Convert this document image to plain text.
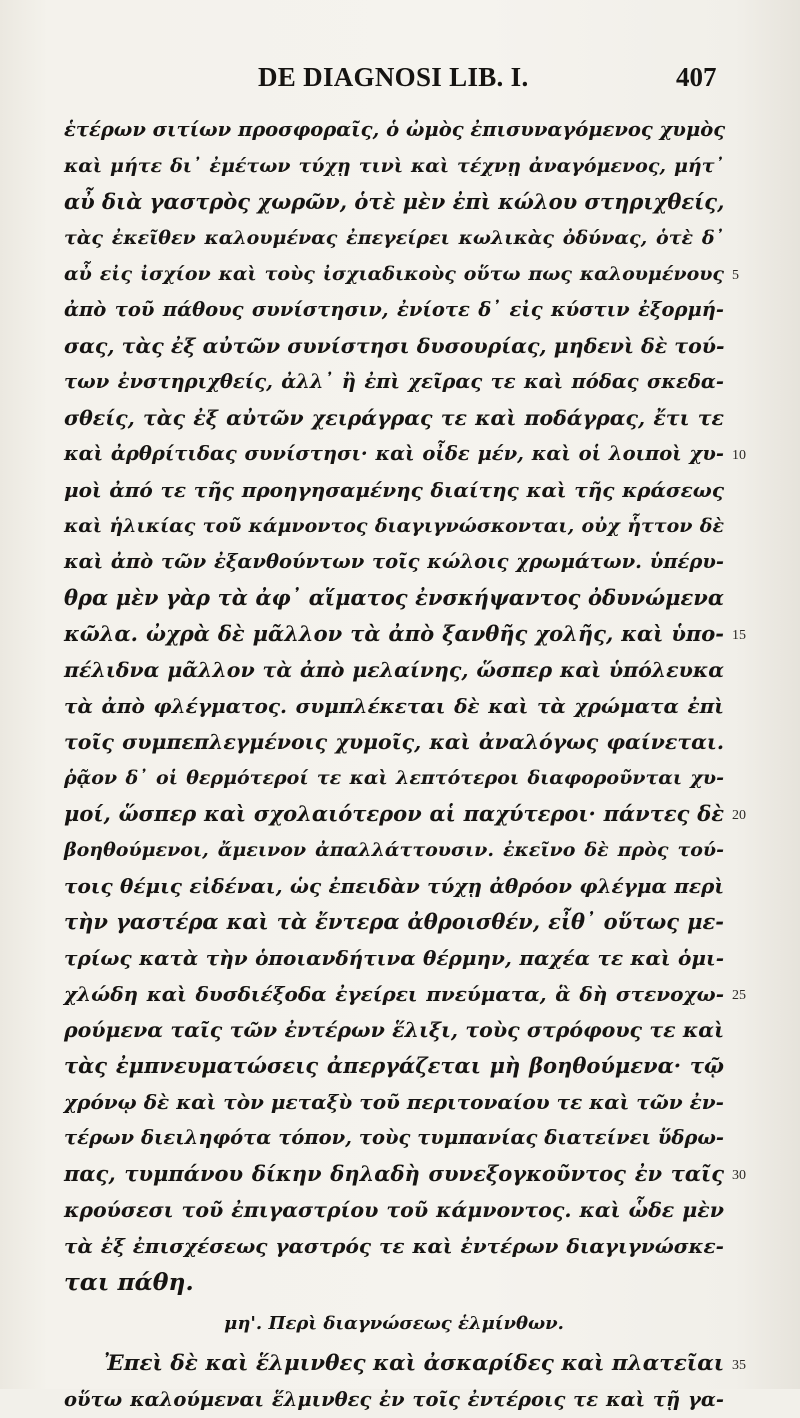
DE DIAGNOSI LIB. I.	407
ἑτέρων σιτίων προσφοραῖς, ὁ ὠμὸς ἐπισυναγόμενος χυμὸς
καὶ μήτε δι᾽ ἐμέτων τύχῃ τινὶ καὶ τέχνῃ ἀναγόμενος, μήτ᾽
αὖ διὰ γαστρὸς χωρῶν, ὁτὲ μὲν ἐπὶ κώλου στηριχθείς,
τὰς ἐκεῖθεν καλουμένας ἐπεγείρει κωλικὰς ὀδύνας, ὁτὲ δ᾽
αὖ εἰς ἰσχίον καὶ τοὺς ἰσχιαδικοὺς οὕτω πως καλουμένους 5
ἀπὸ τοῦ πάθους συνίστησιν, ἐνίοτε δ᾽ εἰς κύστιν ἐξορμή-
σας, τὰς ἐξ αὐτῶν συνίστησι δυσουρίας, μηδενὶ δὲ τού-
των ἐνστηριχθείς, ἀλλ᾽ ἢ ἐπὶ χεῖρας τε καὶ πόδας σκεδα-
σθείς, τὰς ἐξ αὐτῶν χειράγρας τε καὶ ποδάγρας, ἔτι τε
καὶ ἀρθρίτιδας συνίστησι· καὶ οἶδε μέν, καὶ οἱ λοιποὶ χυ- 10
μοὶ ἀπό τε τῆς προηγησαμένης διαίτης καὶ τῆς κράσεως
καὶ ἡλικίας τοῦ κάμνοντος διαγιγνώσκονται, οὐχ ἧττον δὲ
καὶ ἀπὸ τῶν ἐξανθούντων τοῖς κώλοις χρωμάτων. ὑπέρυ-
θρα μὲν γὰρ τὰ ἀφ᾽ αἵματος ἐνσκήψαντος ὀδυνώμενα
κῶλα. ὠχρὰ δὲ μᾶλλον τὰ ἀπὸ ξανθῆς χολῆς, καὶ ὑπο- 15
πέλιδνα μᾶλλον τὰ ἀπὸ μελαίνης, ὥσπερ καὶ ὑπόλευκα
τὰ ἀπὸ φλέγματος. συμπλέκεται δὲ καὶ τὰ χρώματα ἐπὶ
τοῖς συμπεπλεγμένοις χυμοῖς, καὶ ἀναλόγως φαίνεται.
ῥᾷον δ᾽ οἱ θερμότεροί τε καὶ λεπτότεροι διαφοροῦνται χυ-
μοί, ὥσπερ καὶ σχολαιότερον αἱ παχύτεροι· πάντες δὲ 20
βοηθούμενοι, ἄμεινον ἀπαλλάττουσιν. ἐκεῖνο δὲ πρὸς τού-
τοις θέμις εἰδέναι, ὡς ἐπειδὰν τύχῃ ἀθρόον φλέγμα περὶ
τὴν γαστέρα καὶ τὰ ἔντερα ἀθροισθέν, εἶθ᾽ οὕτως με-
τρίως κατὰ τὴν ὁποιανδήτινα θέρμην, παχέα τε καὶ ὁμι-
χλώδη καὶ δυσδιέξοδα ἐγείρει πνεύματα, ἃ δὴ στενοχω- 25
ρούμενα ταῖς τῶν ἐντέρων ἕλιξι, τοὺς στρόφους τε καὶ
τὰς ἐμπνευματώσεις ἀπεργάζεται μὴ βοηθούμενα· τῷ
χρόνῳ δὲ καὶ τὸν μεταξὺ τοῦ περιτοναίου τε καὶ τῶν ἐν-
τέρων διειληφότα τόπον, τοὺς τυμπανίας διατείνει ὕδρω-
πας, τυμπάνου δίκην δηλαδὴ συνεξογκοῦντος ἐν ταῖς 30
κρούσεσι τοῦ ἐπιγαστρίου τοῦ κάμνοντος. καὶ ὧδε μὲν
τὰ ἐξ ἐπισχέσεως γαστρός τε καὶ ἐντέρων διαγιγνώσκε-
ται πάθη.
μη'. Περὶ διαγνώσεως ἑλμίνθων.
Ἐπεὶ δὲ καὶ ἕλμινθες καὶ ἀσκαρίδες καὶ πλατεῖαι 35
οὕτω καλούμεναι ἕλμινθες ἐν τοῖς ἐντέροις τε καὶ τῇ γα-
